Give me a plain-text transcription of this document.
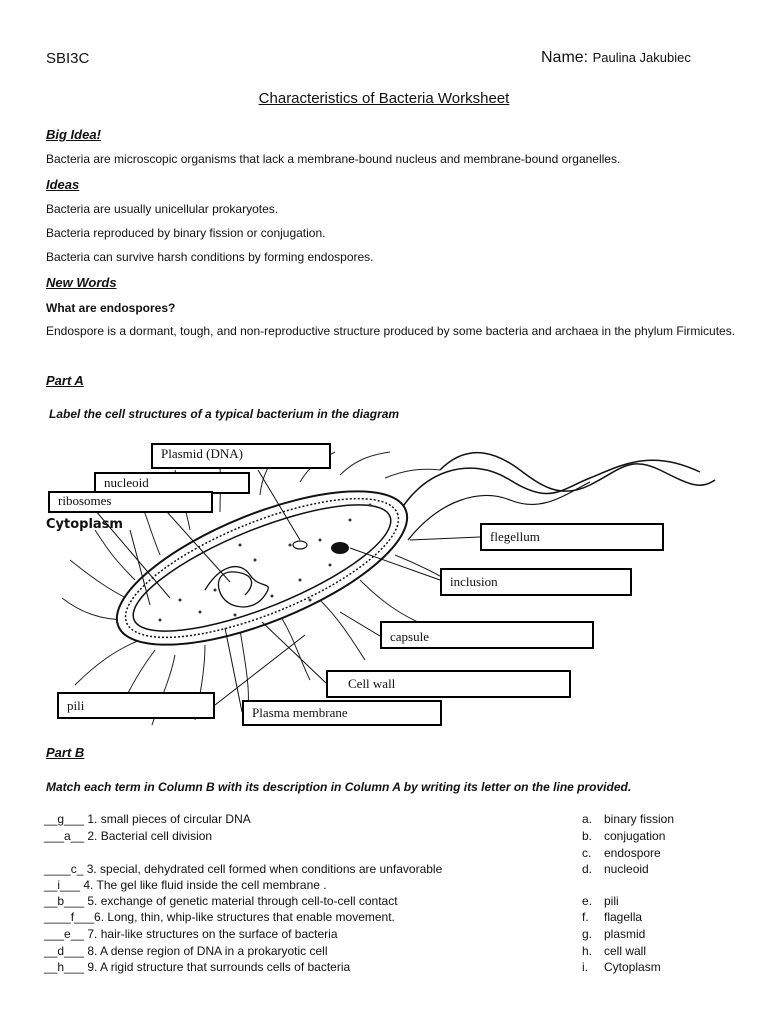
SBI3C	Name: Paulina Jakubiec
Characteristics of Bacteria Worksheet
Big Idea!
Bacteria are microscopic organisms that lack a membrane-bound nucleus and membrane-bound organelles.
Ideas
Bacteria are usually unicellular prokaryotes.
Bacteria reproduced by binary fission or conjugation.
Bacteria can survive harsh conditions by forming endospores.
New Words
What are endospores?
Endospore is a dormant, tough, and non-reproductive structure produced by some bacteria and archaea in the phylum Firmicutes.
Part A
Label the cell structures of a typical bacterium in the diagram
Plasmid (DNA)
nucleoid
ribosomes
Cytoplasm
flegellum
inclusion
capsule
Cell wall
pili	Plasma membrane
Part B
Match each term in Column B with its description in Column A by writing its letter on the line provided.
__g___ 1. small pieces of circular DNA
___a__ 2. Bacterial cell division
____c_ 3. special, dehydrated cell formed when conditions are unfavorable
__i___ 4. The gel like fluid inside the cell membrane .
__b___ 5. exchange of genetic material through cell-to-cell contact
____f___6. Long, thin, whip-like structures that enable movement.
___e__ 7. hair-like structures on the surface of bacteria
__d___ 8. A dense region of DNA in a prokaryotic cell
__h___ 9. A rigid structure that surrounds cells of bacteria
a. binary fission
b. conjugation
c. endospore
d. nucleoid
e. pili
f. flagella
g. plasmid
h. cell wall
i. Cytoplasm
